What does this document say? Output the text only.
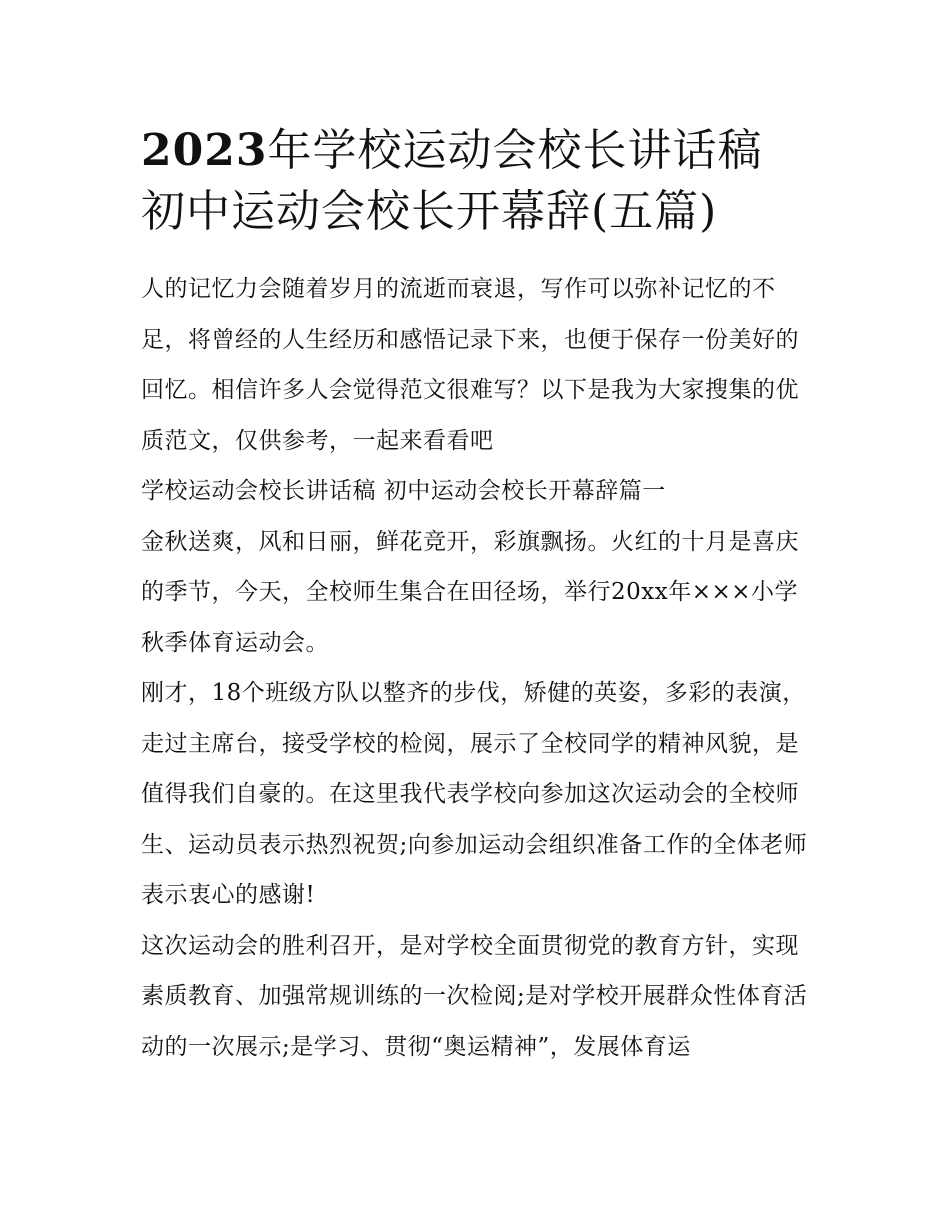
2023年学校运动会校长讲话稿
初中运动会校长开幕辞(五篇)

人的记忆力会随着岁月的流逝而衰退，写作可以弥补记忆的不足，将曾经的人生经历和感悟记录下来，也便于保存一份美好的回忆。相信许多人会觉得范文很难写？以下是我为大家搜集的优质范文，仅供参考，一起来看看吧

学校运动会校长讲话稿 初中运动会校长开幕辞篇一

金秋送爽，风和日丽，鲜花竞开，彩旗飘扬。火红的十月是喜庆的季节，今天，全校师生集合在田径场，举行20xx年×××小学秋季体育运动会。

刚才，18个班级方队以整齐的步伐，矫健的英姿，多彩的表演，走过主席台，接受学校的检阅，展示了全校同学的精神风貌，是值得我们自豪的。在这里我代表学校向参加这次运动会的全校师生、运动员表示热烈祝贺;向参加运动会组织准备工作的全体老师表示衷心的感谢!

这次运动会的胜利召开，是对学校全面贯彻党的教育方针，实现素质教育、加强常规训练的一次检阅;是对学校开展群众性体育活动的一次展示;是学习、贯彻“奥运精神”，发展体育运
